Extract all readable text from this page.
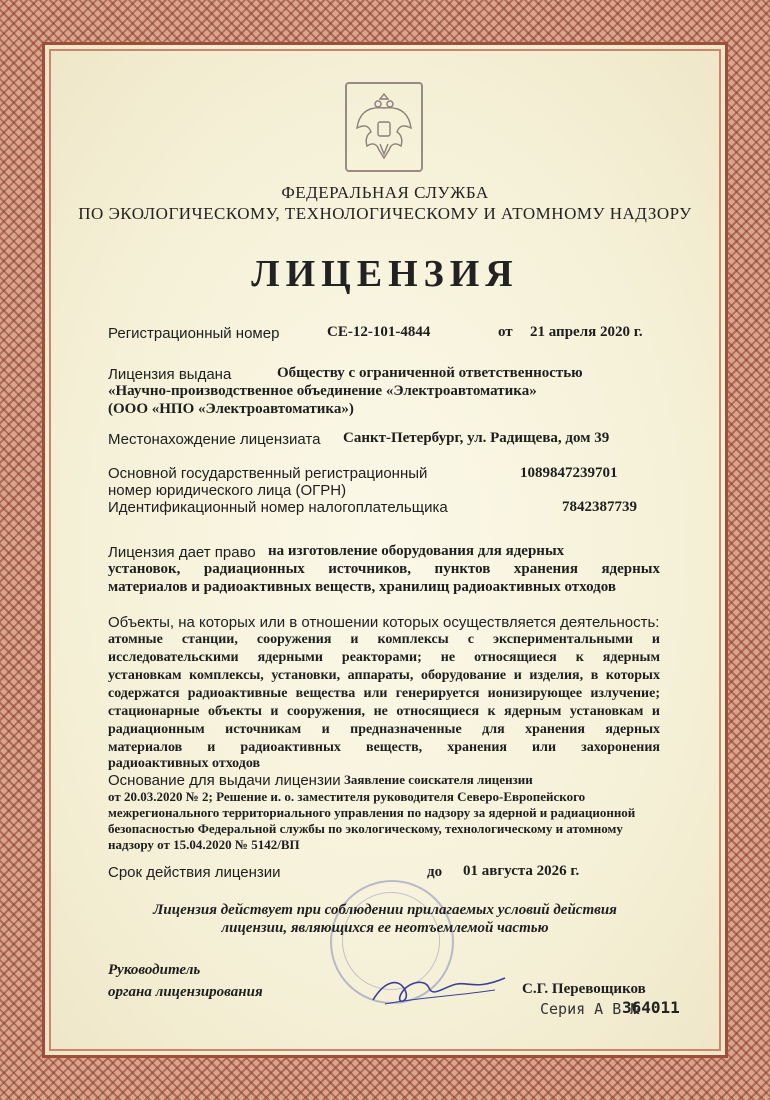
ФЕДЕРАЛЬНАЯ СЛУЖБА
ПО ЭКОЛОГИЧЕСКОМУ, ТЕХНОЛОГИЧЕСКОМУ И АТОМНОМУ НАДЗОРУ
ЛИЦЕНЗИЯ
Регистрационный номер	СЕ-12-101-4844	от 21 апреля 2020 г.
Лицензия выдана	Обществу с ограниченной ответственностью
«Научно-производственное объединение «Электроавтоматика»
(ООО «НПО «Электроавтоматика»)
Местонахождение лицензиата Санкт-Петербург, ул. Радищева, дом 39
Основной государственный регистрационный
номер юридического лица (ОГРН)
1089847239701
Идентификационный номер налогоплательщика	7842387739
Лицензия дает право на изготовление оборудования для ядерных
установок, радиационных источников, пунктов хранения ядерных
материалов и радиоактивных веществ, хранилищ радиоактивных отходов
Объекты, на которых или в отношении которых осуществляется деятельность:
атомные станции, сооружения и комплексы с экспериментальными и
исследовательскими ядерными реакторами; не относящиеся к ядерным
установкам комплексы, установки, аппараты, оборудование и изделия, в которых
содержатся радиоактивные вещества или генерируется ионизирующее излучение;
стационарные объекты и сооружения, не относящиеся к ядерным установкам и
радиационным источникам и предназначенные для хранения ядерных
материалов и радиоактивных веществ, хранения или захоронения
радиоактивных отходов
Основание для выдачи лицензии Заявление соискателя лицензии
от 20.03.2020 № 2; Решение и. о. заместителя руководителя Северо-Европейского
межрегионального территориального управления по надзору за ядерной и радиационной
безопасностью Федеральной службы по экологическому, технологическому и атомному
надзору от 15.04.2020 № 5142/ВП
Срок действия лицензии	до 01 августа 2026 г.
Лицензия действует при соблюдении прилагаемых условий действия
лицензии, являющихся ее неотъемлемой частью
Руководитель
органа лицензирования	С.Г. Перевощиков
Серия А В №
364011
